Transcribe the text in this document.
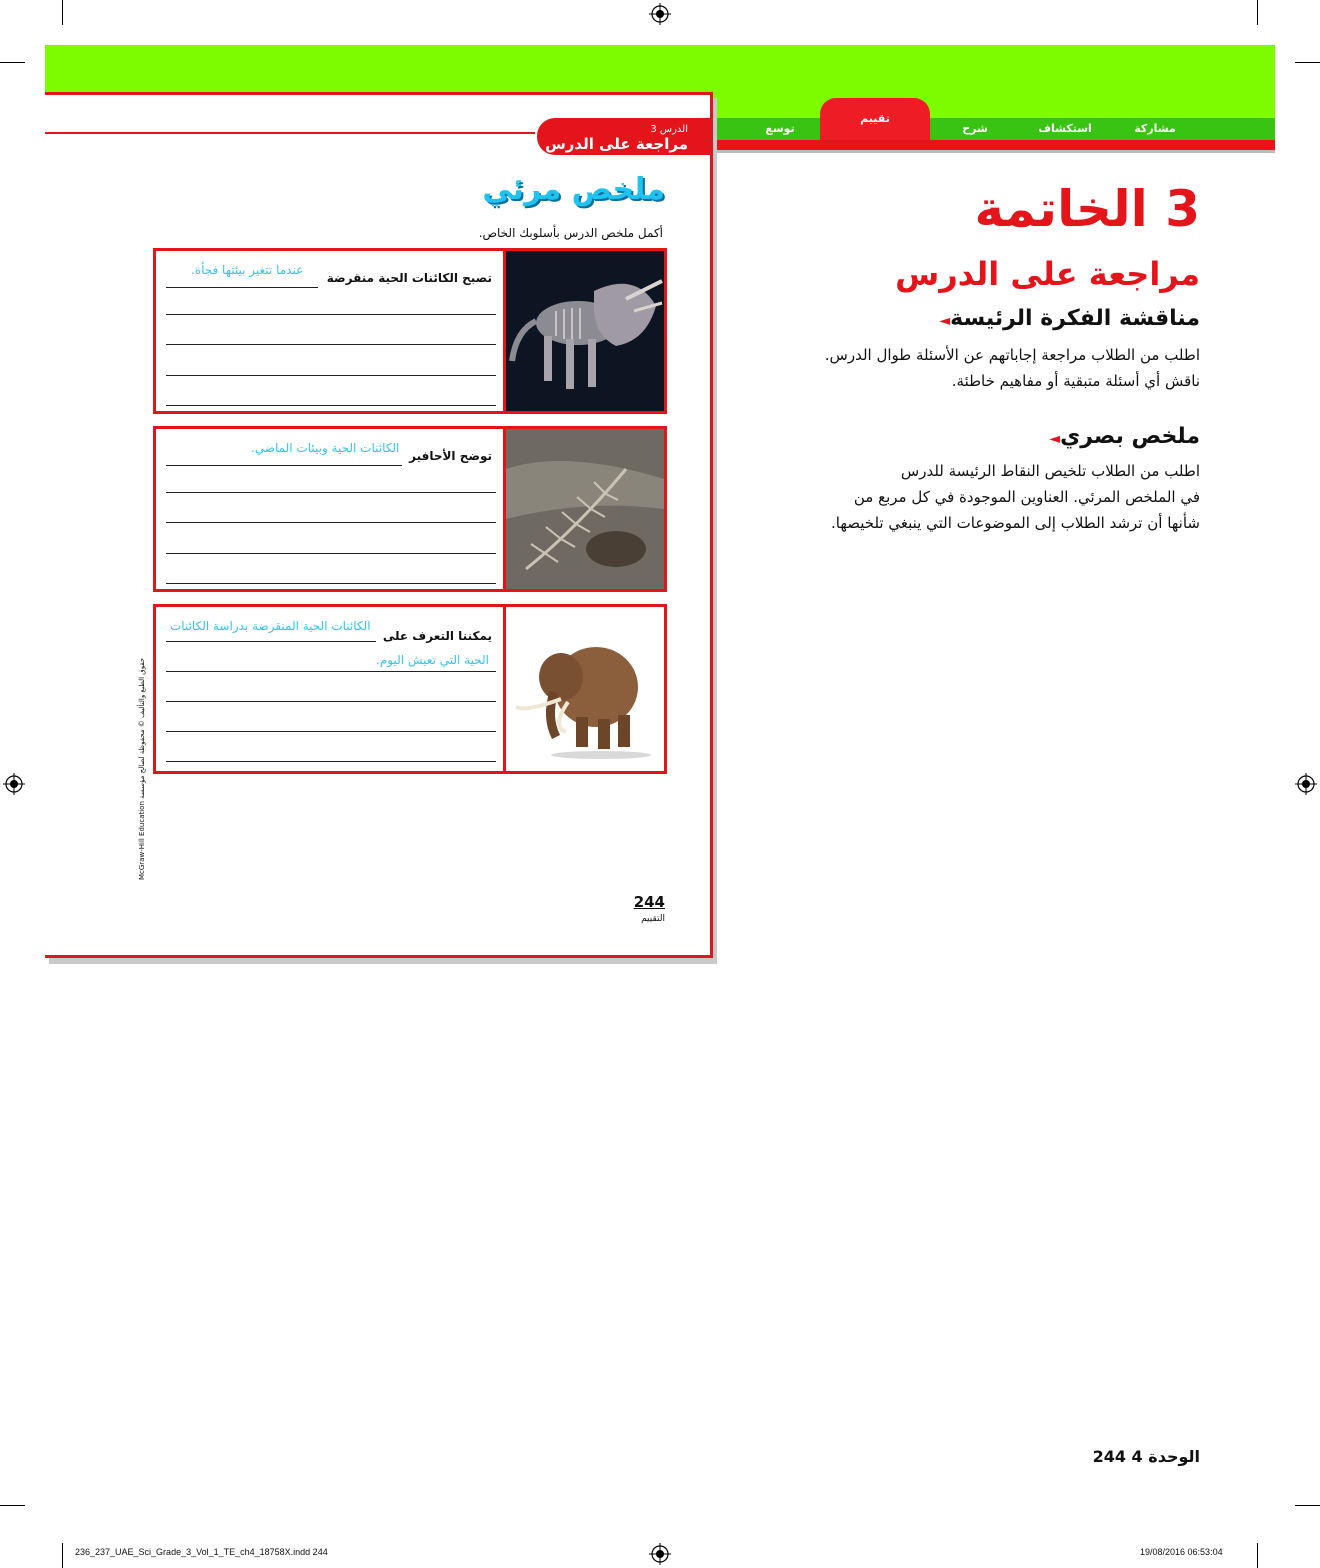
مشاركة
استكشاف
شرح
تقييم
توسع
الدرس 3
مراجعة على الدرس
ملخص مرئي
أكمل ملخص الدرس بأسلوبك الخاص.
تصبح الكائنات الحية منقرضة
عندما تتغير بيئتها فجأة.
توضح الأحافير
الكائنات الحية وبيئات الماضي.
يمكننا التعرف على
الكائنات الحية المنقرضة بدراسة الكائنات
الحية التي تعيش اليوم.
McGraw-Hill Education حقوق الطبع والتأليف © محفوظة لصالح مؤسسة
244
التقييم
3 الخاتمة
مراجعة على الدرس
مناقشة الفكرة الرئيسة◄
اطلب من الطلاب مراجعة إجاباتهم عن الأسئلة طوال الدرس.
ناقش أي أسئلة متبقية أو مفاهيم خاطئة.
ملخص بصري◄
اطلب من الطلاب تلخيص النقاط الرئيسة للدرس
في الملخص المرئي. العناوين الموجودة في كل مربع من
شأنها أن ترشد الطلاب إلى الموضوعات التي ينبغي تلخيصها.
الوحدة 4 244
236_237_UAE_Sci_Grade_3_Vol_1_TE_ch4_18758X.indd 244	19/08/2016 06:53:04
